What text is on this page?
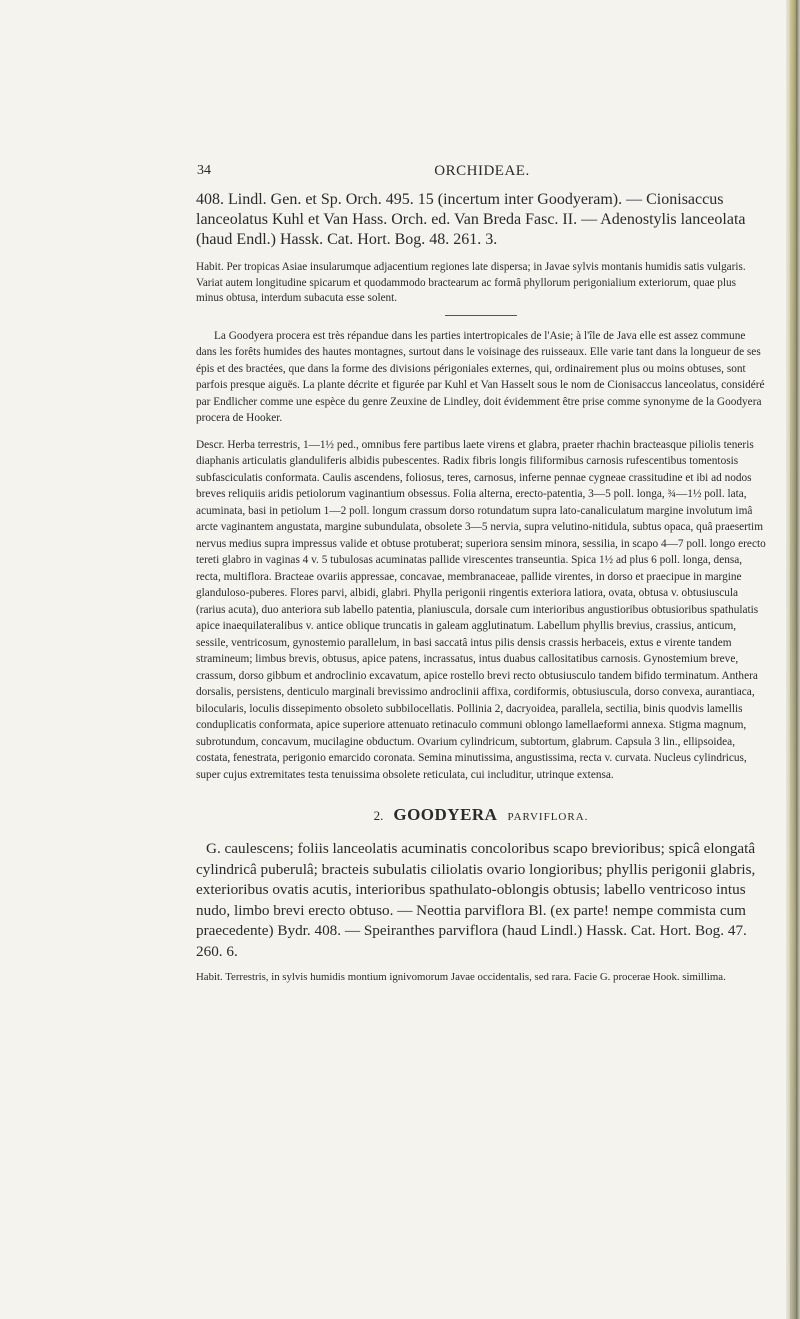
34	ORCHIDEAE.

408. Lindl. Gen. et Sp. Orch. 495. 15 (incertum inter Goodyeram). — Cionisaccus lanceolatus Kuhl et Van Hass. Orch. ed. Van Breda Fasc. II. — Adenostylis lanceolata (haud Endl.) Hassk. Cat. Hort. Bog. 48. 261. 3.

Habit. Per tropicas Asiae insularumque adjacentium regiones late dispersa; in Javae sylvis montanis humidis satis vulgaris. Variat autem longitudine spicarum et quodammodo bractearum ac formâ phyllorum perigonialium exteriorum, quae plus minus obtusa, interdum subacuta esse solent.

La Goodyera procera est très répandue dans les parties intertropicales de l'Asie; à l'île de Java elle est assez commune dans les forêts humides des hautes montagnes, surtout dans le voisinage des ruisseaux. Elle varie tant dans la longueur de ses épis et des bractées, que dans la forme des divisions périgoniales externes, qui, ordinairement plus ou moins obtuses, sont parfois presque aiguës. La plante décrite et figurée par Kuhl et Van Hasselt sous le nom de Cionisaccus lanceolatus, considéré par Endlicher comme une espèce du genre Zeuxine de Lindley, doit évidemment être prise comme synonyme de la Goodyera procera de Hooker.

Descr. Herba terrestris, 1—1½ ped., omnibus fere partibus laete virens et glabra, praeter rhachin bracteasque piliolis teneris diaphanis articulatis glanduliferis albidis pubescentes. Radix fibris longis filiformibus carnosis rufescentibus tomentosis subfasciculatis conformata. Caulis ascendens, foliosus, teres, carnosus, inferne pennae cygneae crassitudine et ibi ad nodos breves reliquiis aridis petiolorum vaginantium obsessus. Folia alterna, erecto-patentia, 3—5 poll. longa, ¾—1½ poll. lata, acuminata, basi in petiolum 1—2 poll. longum crassum dorso rotundatum supra lato-canaliculatum margine involutum imâ arcte vaginantem angustata, margine subundulata, obsolete 3—5 nervia, supra velutino-nitidula, subtus opaca, quâ praesertim nervus medius supra impressus valide et obtuse protuberat; superiora sensim minora, sessilia, in scapo 4—7 poll. longo erecto tereti glabro in vaginas 4 v. 5 tubulosas acuminatas pallide virescentes transeuntia. Spica 1½ ad plus 6 poll. longa, densa, recta, multiflora. Bracteae ovariis appressae, concavae, membranaceae, pallide virentes, in dorso et praecipue in margine glanduloso-puberes. Flores parvi, albidi, glabri. Phylla perigonii ringentis exteriora latiora, ovata, obtusa v. obtusiuscula (rarius acuta), duo anteriora sub labello patentia, planiuscula, dorsale cum interioribus angustioribus obtusioribus spathulatis apice inaequilateralibus v. antice oblique truncatis in galeam agglutinatum. Labellum phyllis brevius, crassius, anticum, sessile, ventricosum, gynostemio parallelum, in basi saccatâ intus pilis densis crassis herbaceis, extus e virente tandem stramineum; limbus brevis, obtusus, apice patens, incrassatus, intus duabus callositatibus carnosis. Gynostemium breve, crassum, dorso gibbum et androclinio excavatum, apice rostello brevi recto obtusiusculo tandem bifido terminatum. Anthera dorsalis, persistens, denticulo marginali brevissimo androclinii affixa, cordiformis, obtusiuscula, dorso convexa, aurantiaca, bilocularis, loculis dissepimento obsoleto subbilocellatis. Pollinia 2, dacryoidea, parallela, sectilia, binis quodvis lamellis conduplicatis conformata, apice superiore attenuato retinaculo communi oblongo lamellaeformi annexa. Stigma magnum, subrotundum, concavum, mucilagine obductum. Ovarium cylindricum, subtortum, glabrum. Capsula 3 lin., ellipsoidea, costata, fenestrata, perigonio emarcido coronata. Semina minutissima, angustissima, recta v. curvata. Nucleus cylindricus, super cujus extremitates testa tenuissima obsolete reticulata, cui includitur, utrinque extensa.

2. GOODYERA PARVIFLORA.

G. caulescens; foliis lanceolatis acuminatis concoloribus scapo brevioribus; spicâ elongatâ cylindricâ puberulâ; bracteis subulatis ciliolatis ovario longioribus; phyllis perigonii glabris, exterioribus ovatis acutis, interioribus spathulato-oblongis obtusis; labello ventricoso intus nudo, limbo brevi erecto obtuso. — Neottia parviflora Bl. (ex parte! nempe commista cum praecedente) Bydr. 408. — Speiranthes parviflora (haud Lindl.) Hassk. Cat. Hort. Bog. 47. 260. 6.

Habit. Terrestris, in sylvis humidis montium ignivomorum Javae occidentalis, sed rara. Facie G. procerae Hook. simillima.
